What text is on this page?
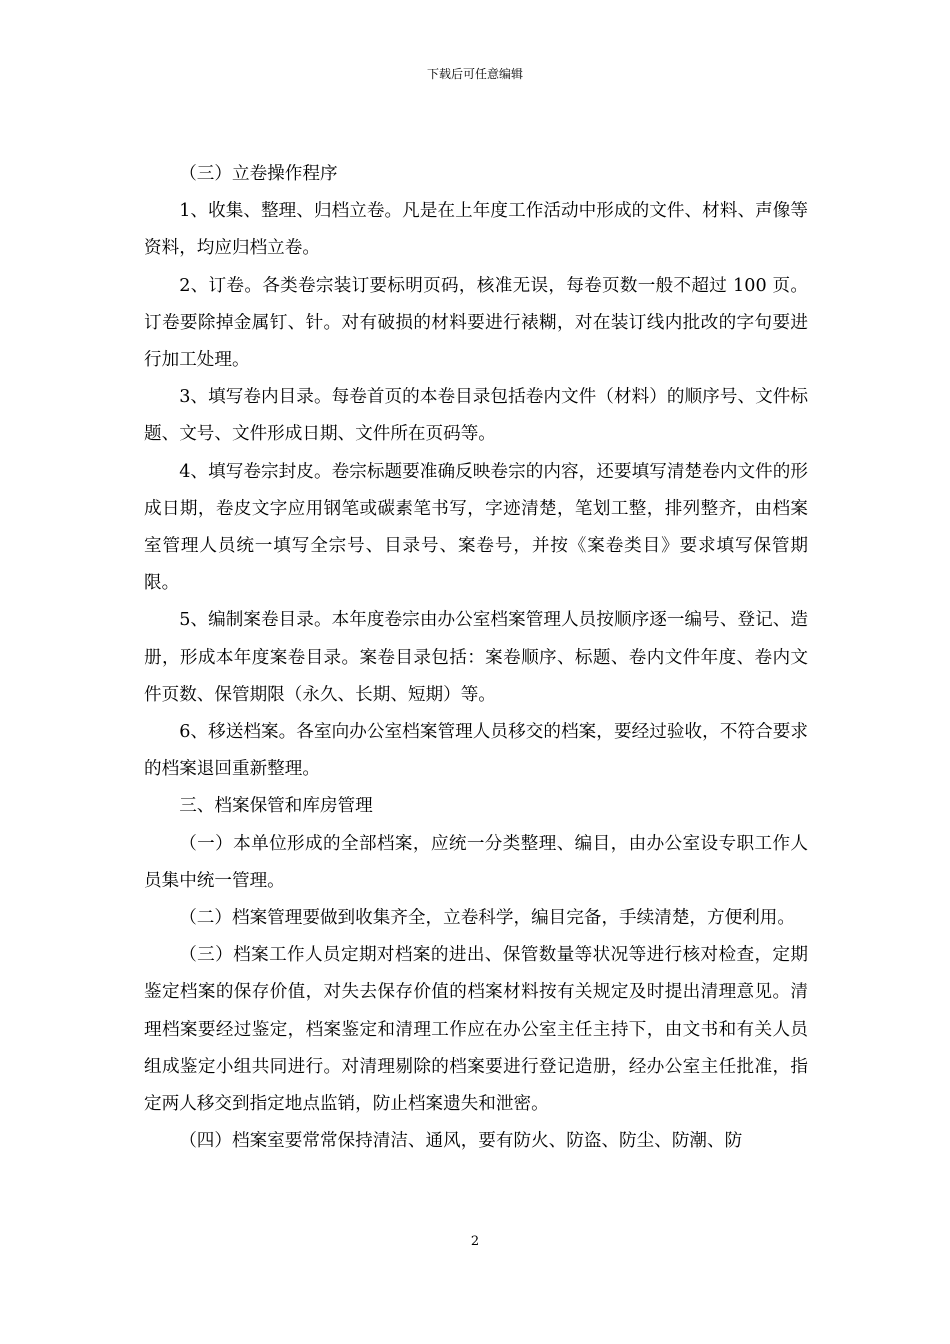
下载后可任意编辑

（三）立卷操作程序

1、收集、整理、归档立卷。凡是在上年度工作活动中形成的文件、材料、声像等资料，均应归档立卷。

2、订卷。各类卷宗装订要标明页码，核准无误，每卷页数一般不超过 100 页。订卷要除掉金属钉、针。对有破损的材料要进行裱糊，对在装订线内批改的字句要进行加工处理。

3、填写卷内目录。每卷首页的本卷目录包括卷内文件（材料）的顺序号、文件标题、文号、文件形成日期、文件所在页码等。

4、填写卷宗封皮。卷宗标题要准确反映卷宗的内容，还要填写清楚卷内文件的形成日期，卷皮文字应用钢笔或碳素笔书写，字迹清楚，笔划工整，排列整齐，由档案室管理人员统一填写全宗号、目录号、案卷号，并按《案卷类目》要求填写保管期限。

5、编制案卷目录。本年度卷宗由办公室档案管理人员按顺序逐一编号、登记、造册，形成本年度案卷目录。案卷目录包括：案卷顺序、标题、卷内文件年度、卷内文件页数、保管期限（永久、长期、短期）等。

6、移送档案。各室向办公室档案管理人员移交的档案，要经过验收，不符合要求的档案退回重新整理。

三、档案保管和库房管理

（一）本单位形成的全部档案，应统一分类整理、编目，由办公室设专职工作人员集中统一管理。

（二）档案管理要做到收集齐全，立卷科学，编目完备，手续清楚，方便利用。

（三）档案工作人员定期对档案的进出、保管数量等状况等进行核对检查，定期鉴定档案的保存价值，对失去保存价值的档案材料按有关规定及时提出清理意见。清理档案要经过鉴定，档案鉴定和清理工作应在办公室主任主持下，由文书和有关人员组成鉴定小组共同进行。对清理剔除的档案要进行登记造册，经办公室主任批准，指定两人移交到指定地点监销，防止档案遗失和泄密。

（四）档案室要常常保持清洁、通风，要有防火、防盗、防尘、防潮、防

2
